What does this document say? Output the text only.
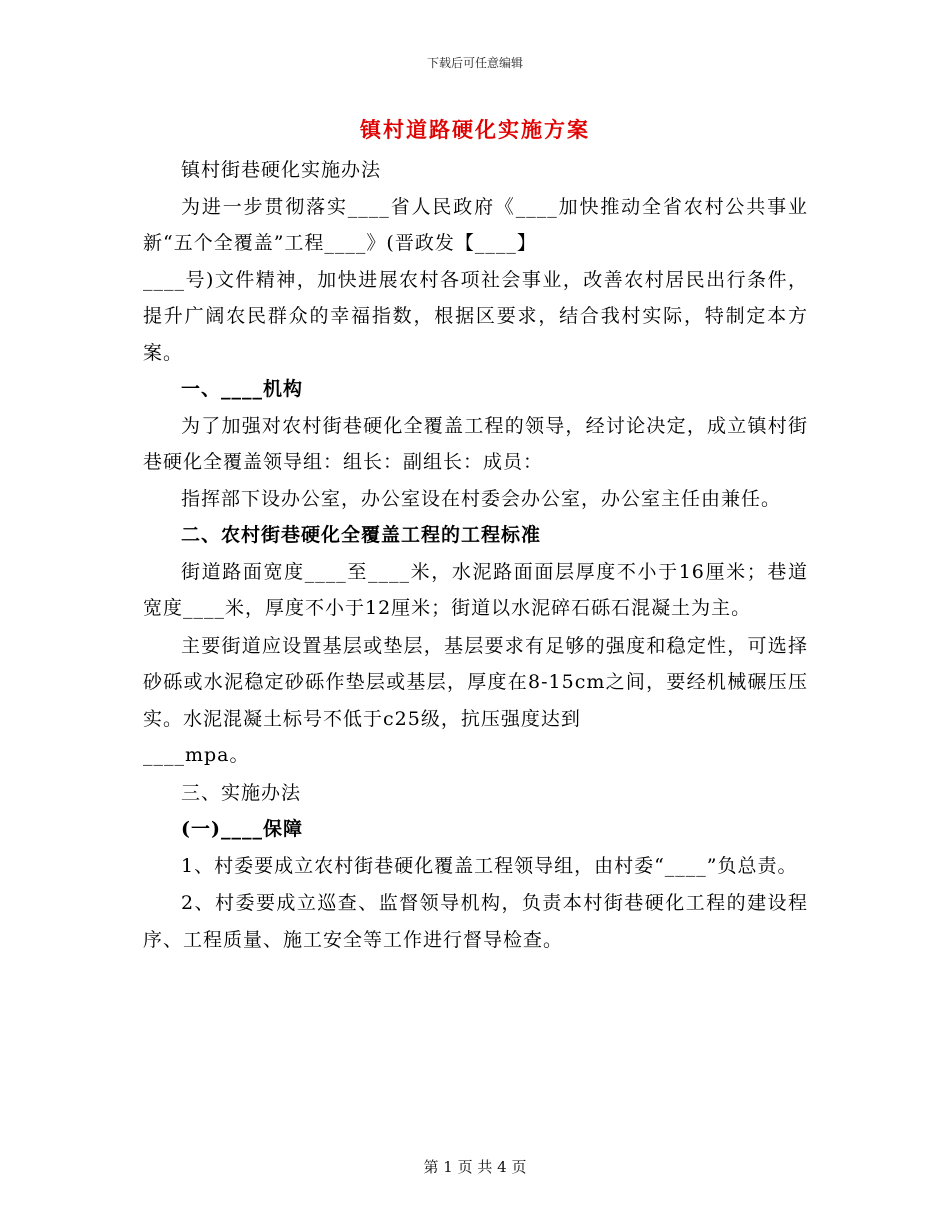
下载后可任意编辑
镇村道路硬化实施方案

镇村街巷硬化实施办法

为进一步贯彻落实____省人民政府《____加快推动全省农村公共事业新“五个全覆盖”工程____》(晋政发【____】

____号)文件精神，加快进展农村各项社会事业，改善农村居民出行条件，提升广阔农民群众的幸福指数，根据区要求，结合我村实际，特制定本方案。

一、____机构

为了加强对农村街巷硬化全覆盖工程的领导，经讨论决定，成立镇村街巷硬化全覆盖领导组：组长：副组长：成员：

指挥部下设办公室，办公室设在村委会办公室，办公室主任由兼任。

二、农村街巷硬化全覆盖工程的工程标准

街道路面宽度____至____米，水泥路面面层厚度不小于16厘米；巷道宽度____米，厚度不小于12厘米；街道以水泥碎石砾石混凝土为主。

主要街道应设置基层或垫层，基层要求有足够的强度和稳定性，可选择砂砾或水泥稳定砂砾作垫层或基层，厚度在8-15cm之间，要经机械碾压压实。水泥混凝土标号不低于c25级，抗压强度达到

____mpa。

三、实施办法

(一)____保障

1、村委要成立农村街巷硬化覆盖工程领导组，由村委“____”负总责。

2、村委要成立巡查、监督领导机构，负责本村街巷硬化工程的建设程序、工程质量、施工安全等工作进行督导检查。

第 1 页 共 4 页
